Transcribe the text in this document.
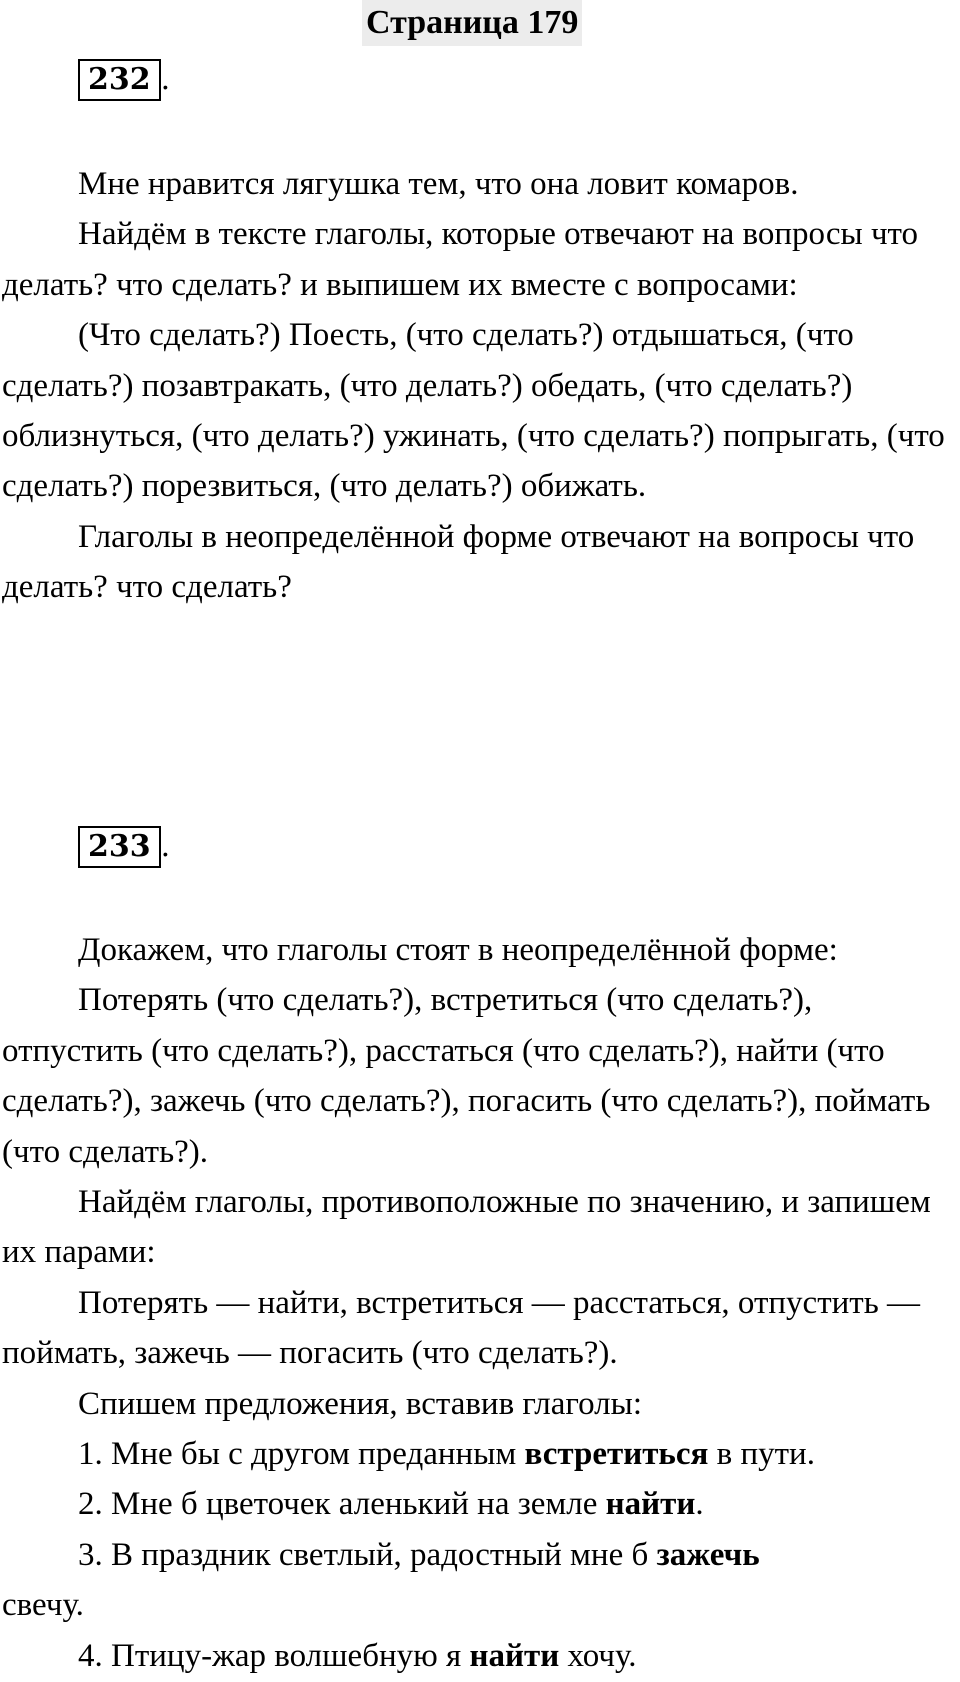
Страница 179
232 .

Мне нравится лягушка тем, что она ловит комаров.

Найдём в тексте глаголы, которые отвечают на вопросы что делать? что сделать? и выпишем их вместе с вопросами:

(Что сделать?) Поесть, (что сделать?) отдышаться, (что сделать?) позавтракать, (что делать?) обедать, (что сделать?) облизнуться, (что делать?) ужинать, (что сделать?) попрыгать, (что сделать?) порезвиться, (что делать?) обижать.

Глаголы в неопределённой форме отвечают на вопросы что делать? что сделать?

233 .

Докажем, что глаголы стоят в неопределённой форме:

Потерять (что сделать?), встретиться (что сделать?), отпустить (что сделать?), расстаться (что сделать?), найти (что сделать?), зажечь (что сделать?), погасить (что сделать?), поймать (что сделать?).

Найдём глаголы, противоположные по значению, и запишем их парами:

Потерять — найти, встретиться — расстаться, отпустить — поймать, зажечь — погасить (что сделать?).

Спишем предложения, вставив глаголы:

1. Мне бы с другом преданным встретиться в пути.

2. Мне б цветочек аленький на земле найти.

3. В праздник светлый, радостный мне б зажечь

свечу.

4. Птицу-жар волшебную я найти хочу.
